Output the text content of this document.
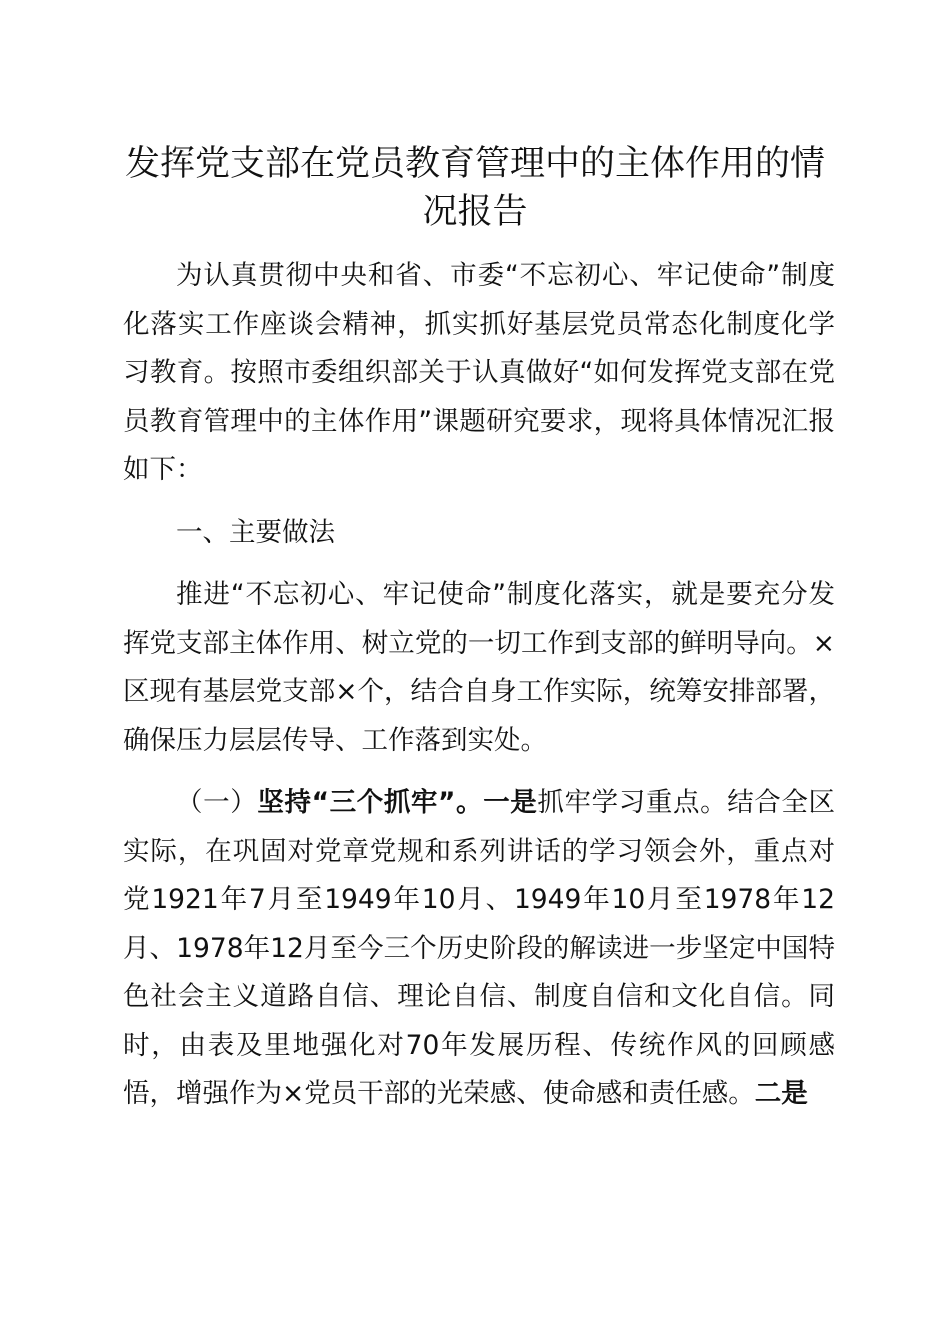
发挥党支部在党员教育管理中的主体作用的情况报告

为认真贯彻中央和省、市委“不忘初心、牢记使命”制度化落实工作座谈会精神，抓实抓好基层党员常态化制度化学习教育。按照市委组织部关于认真做好“如何发挥党支部在党员教育管理中的主体作用”课题研究要求，现将具体情况汇报如下：

一、主要做法

推进“不忘初心、牢记使命”制度化落实，就是要充分发挥党支部主体作用、树立党的一切工作到支部的鲜明导向。×区现有基层党支部×个，结合自身工作实际，统筹安排部署，确保压力层层传导、工作落到实处。

（一）坚持“三个抓牢”。一是抓牢学习重点。结合全区实际，在巩固对党章党规和系列讲话的学习领会外，重点对党1921年7月至1949年10月、1949年10月至1978年12月、1978年12月至今三个历史阶段的解读进一步坚定中国特色社会主义道路自信、理论自信、制度自信和文化自信。同时，由表及里地强化对70年发展历程、传统作风的回顾感悟，增强作为×党员干部的光荣感、使命感和责任感。二是
